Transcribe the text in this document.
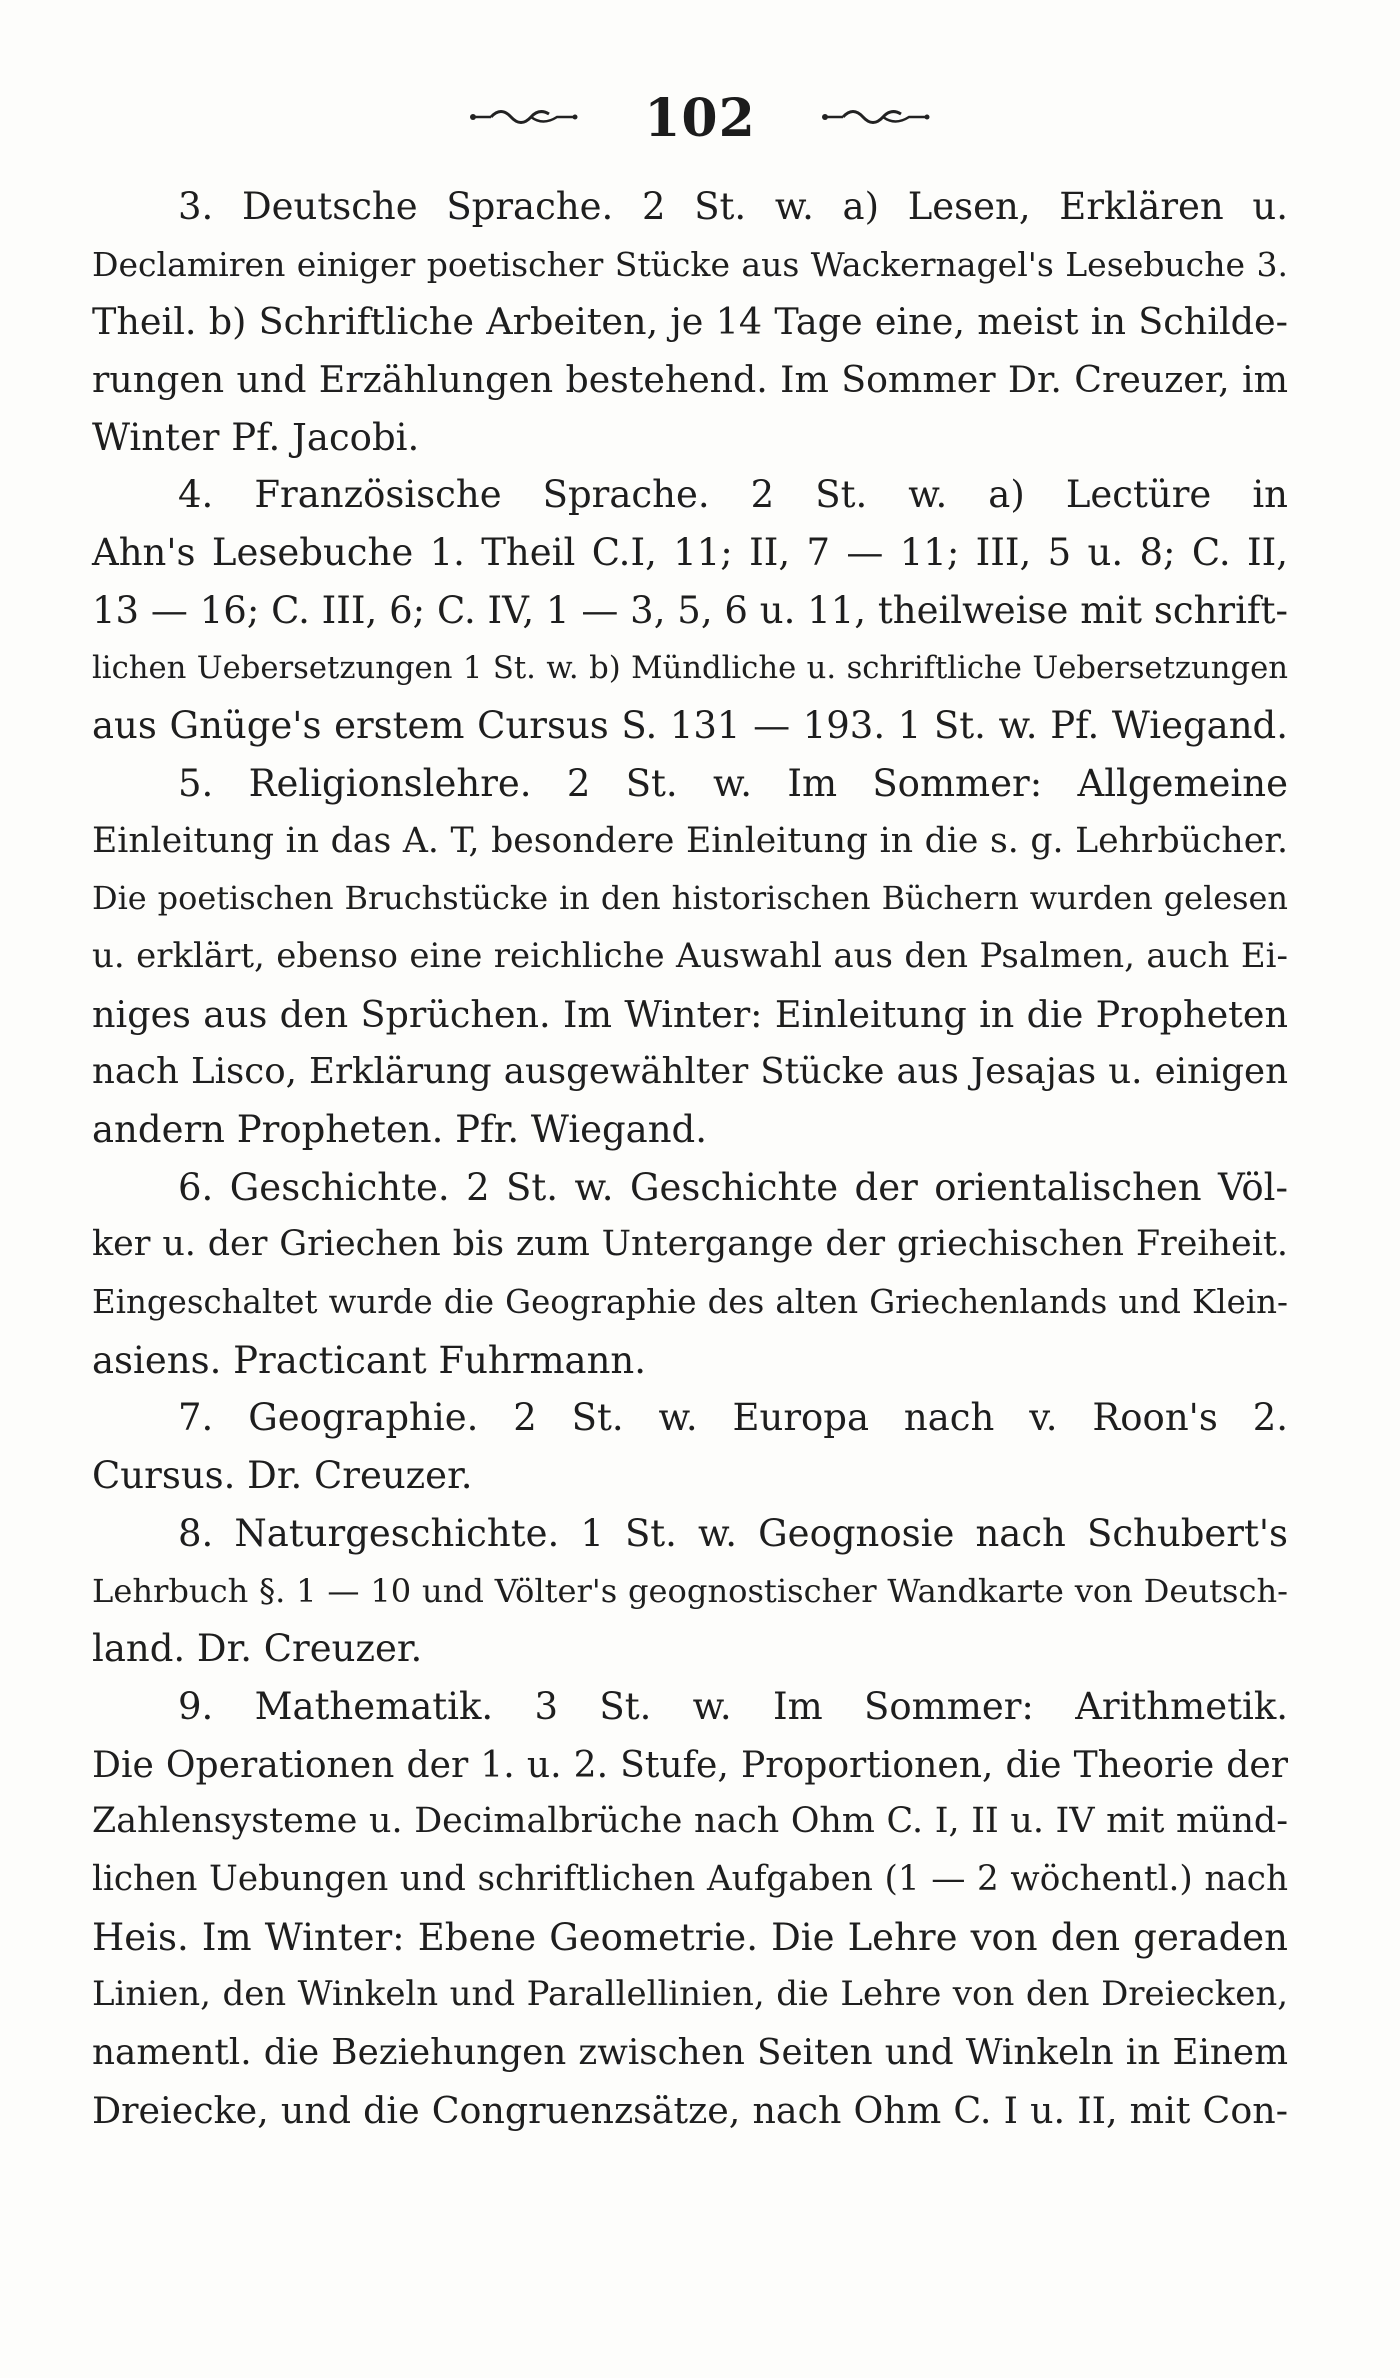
102
3. Deutsche Sprache. 2 St. w. a) Lesen, Erklären u.
Declamiren einiger poetischer Stücke aus Wackernagel's Lesebuche 3.
Theil. b) Schriftliche Arbeiten, je 14 Tage eine, meist in Schilde-
rungen und Erzählungen bestehend. Im Sommer Dr. Creuzer, im
Winter Pf. Jacobi.
4. Französische Sprache. 2 St. w. a) Lectüre in
Ahn's Lesebuche 1. Theil C.I, 11; II, 7 — 11; III, 5 u. 8; C. II,
13 — 16; C. III, 6; C. IV, 1 — 3, 5, 6 u. 11, theilweise mit schrift-
lichen Uebersetzungen 1 St. w. b) Mündliche u. schriftliche Uebersetzungen
aus Gnüge's erstem Cursus S. 131 — 193. 1 St. w. Pf. Wiegand.
5. Religionslehre. 2 St. w. Im Sommer: Allgemeine
Einleitung in das A. T, besondere Einleitung in die s. g. Lehrbücher.
Die poetischen Bruchstücke in den historischen Büchern wurden gelesen
u. erklärt, ebenso eine reichliche Auswahl aus den Psalmen, auch Ei-
niges aus den Sprüchen. Im Winter: Einleitung in die Propheten
nach Lisco, Erklärung ausgewählter Stücke aus Jesajas u. einigen
andern Propheten. Pfr. Wiegand.
6. Geschichte. 2 St. w. Geschichte der orientalischen Völ-
ker u. der Griechen bis zum Untergange der griechischen Freiheit.
Eingeschaltet wurde die Geographie des alten Griechenlands und Klein-
asiens. Practicant Fuhrmann.
7. Geographie. 2 St. w. Europa nach v. Roon's 2.
Cursus. Dr. Creuzer.
8. Naturgeschichte. 1 St. w. Geognosie nach Schubert's
Lehrbuch §. 1 — 10 und Völter's geognostischer Wandkarte von Deutsch-
land. Dr. Creuzer.
9. Mathematik. 3 St. w. Im Sommer: Arithmetik.
Die Operationen der 1. u. 2. Stufe, Proportionen, die Theorie der
Zahlensysteme u. Decimalbrüche nach Ohm C. I, II u. IV mit münd-
lichen Uebungen und schriftlichen Aufgaben (1 — 2 wöchentl.) nach
Heis. Im Winter: Ebene Geometrie. Die Lehre von den geraden
Linien, den Winkeln und Parallellinien, die Lehre von den Dreiecken,
namentl. die Beziehungen zwischen Seiten und Winkeln in Einem
Dreiecke, und die Congruenzsätze, nach Ohm C. I u. II, mit Con-
